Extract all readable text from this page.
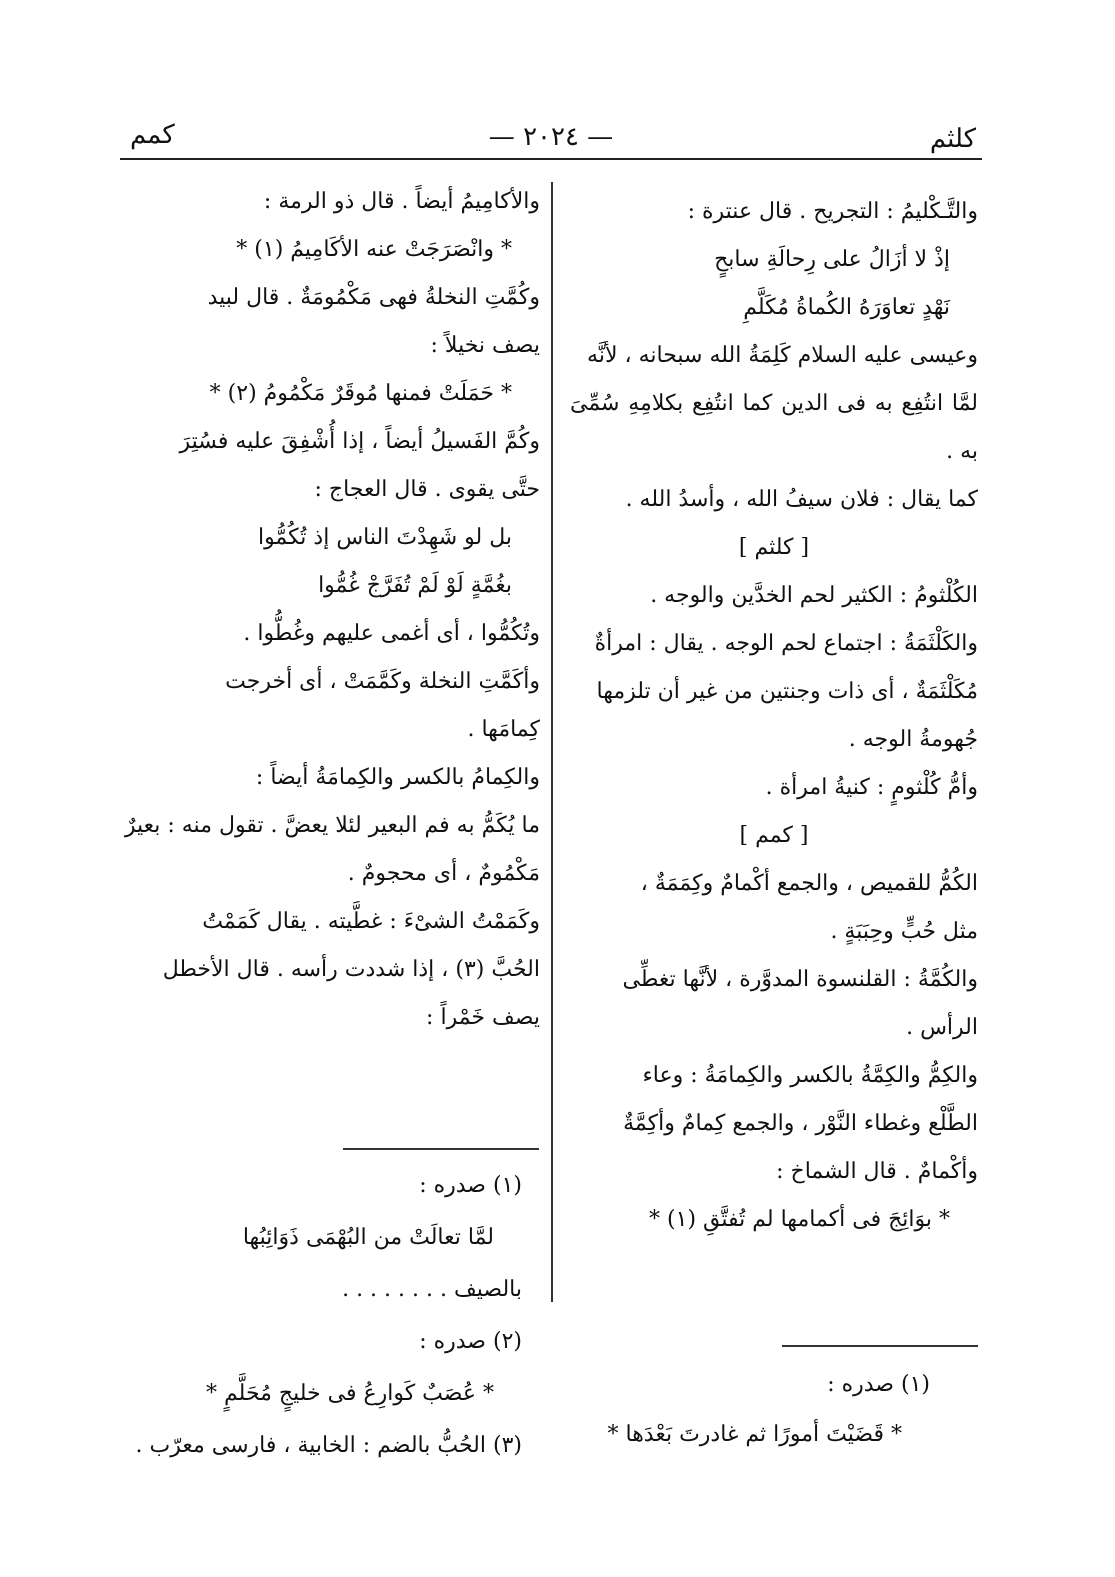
كلثم
— ٢٠٢٤ —
كمم

والتَّـكْليمُ : التجريح . قال عنترة :

إذْ لا أزَالُ على رِحالَةِ سابحٍ

نَهْدٍ تعاوَرَهُ الكُماةُ مُكَلَّمِ

وعيسى عليه السلام كَلِمَةُ الله سبحانه ، لأنَّه

لمَّا انتُفِع به فى الدين كما انتُفِع بكلامِهِ سُمِّىَ به .

كما يقال : فلان سيفُ الله ، وأسدُ الله .

[ كلثم ]

الكُلْثومُ : الكثير لحم الخدَّين والوجه .

والكَلْثَمَةُ : اجتماع لحم الوجه . يقال : امرأةٌ

مُكَلْثَمَةٌ ، أى ذات وجنتين من غير أن تلزمها

جُهومةُ الوجه .

وأمُّ كُلْثومٍ : كنيةُ امرأة .

[ كمم ]

الكُمُّ للقميص ، والجمع أكْمامٌ وكِمَمَةٌ ،

مثل حُبٍّ وحِبَبَةٍ .

والكُمَّةُ : القلنسوة المدوَّرة ، لأنَّها تغطِّى

الرأس .

والكِمُّ والكِمَّةُ بالكسر والكِمامَةُ : وعاء

الطَّلْع وغطاء النَّوْر ، والجمع كِمامٌ وأكِمَّةٌ

وأكْمامٌ . قال الشماخ :

* بوَائِجَ فى أكمامها لم تُفتَّقِ (١) *

(١) صدره :

* قَضَيْتَ أمورًا ثم غادرتَ بَعْدَها *

والأكامِيمُ أيضاً . قال ذو الرمة :

* وانْصَرَجَتْ عنه الأكَامِيمُ (١) *

وكُمَّتِ النخلةُ فهى مَكْمُومَةٌ . قال لبيد

يصف نخيلاً :

* حَمَلَتْ فمنها مُوقَرٌ مَكْمُومُ (٢) *

وكُمَّ الفَسيلُ أيضاً ، إذا أُشْفِقَ عليه فسُتِرَ

حتَّى يقوى . قال العجاج :

بل لو شَهِدْتَ الناس إذ تُكُمُّوا

بغُمَّةٍ لَوْ لَمْ تُفَرَّجْ غُمُّوا

وتُكُمُّوا ، أى أغمى عليهم وغُطُّوا .

وأكَمَّتِ النخلة وكَمَّمَتْ ، أى أخرجت

كِمامَها .

والكِمامُ بالكسر والكِمامَةُ أيضاً :

ما يُكَمُّ به فم البعير لئلا يعضَّ . تقول منه : بعيرٌ

مَكْمُومٌ ، أى محجومٌ .

وكَمَمْتُ الشىْءَ : غطَّيته . يقال كَمَمْتُ

الحُبَّ (٣) ، إذا شددت رأسه . قال الأخطل

يصف خَمْراً :

(١) صدره :

لمَّا تعالَتْ من البُهْمَى ذَوَائِبُها

بالصيف . . . . . . . .

(٢) صدره :

* عُصَبٌ كَوارِعُ فى خليجٍ مُحَلَّمٍ *

(٣) الحُبُّ بالضم : الخابية ، فارسى معرّب .
